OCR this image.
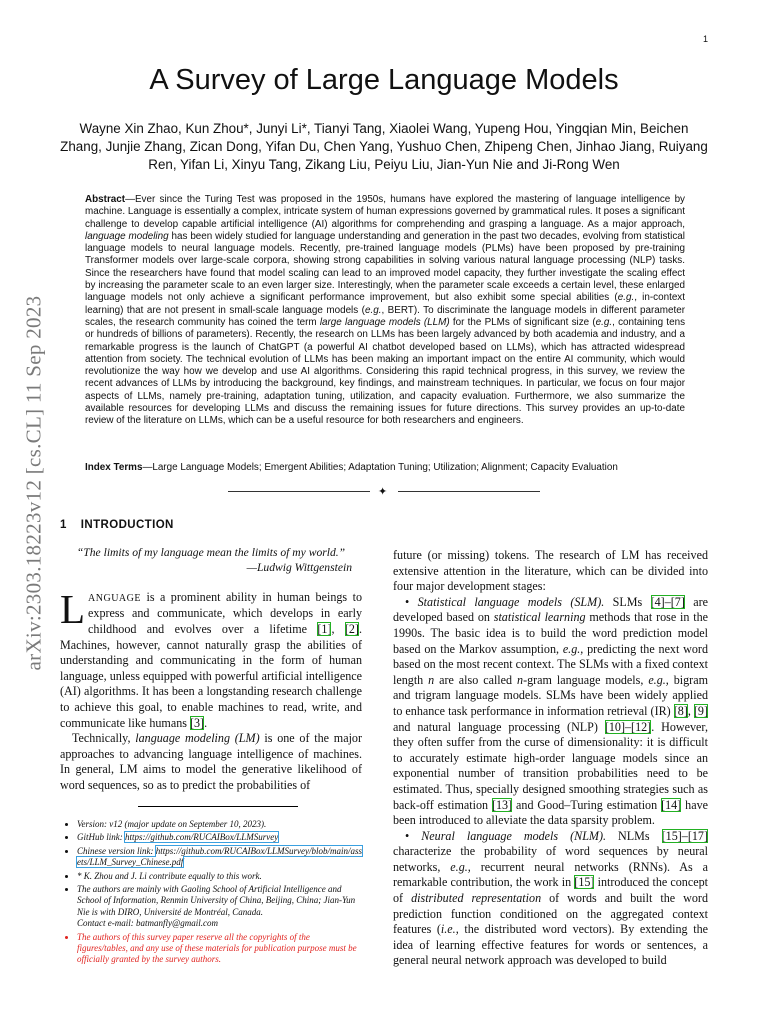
1
arXiv:2303.18223v12 [cs.CL] 11 Sep 2023
A Survey of Large Language Models
Wayne Xin Zhao, Kun Zhou*, Junyi Li*, Tianyi Tang, Xiaolei Wang, Yupeng Hou, Yingqian Min, Beichen Zhang, Junjie Zhang, Zican Dong, Yifan Du, Chen Yang, Yushuo Chen, Zhipeng Chen, Jinhao Jiang, Ruiyang Ren, Yifan Li, Xinyu Tang, Zikang Liu, Peiyu Liu, Jian-Yun Nie and Ji-Rong Wen
Abstract—Ever since the Turing Test was proposed in the 1950s, humans have explored the mastering of language intelligence by machine. Language is essentially a complex, intricate system of human expressions governed by grammatical rules. It poses a significant challenge to develop capable artificial intelligence (AI) algorithms for comprehending and grasping a language. As a major approach, language modeling has been widely studied for language understanding and generation in the past two decades, evolving from statistical language models to neural language models. Recently, pre-trained language models (PLMs) have been proposed by pre-training Transformer models over large-scale corpora, showing strong capabilities in solving various natural language processing (NLP) tasks. Since the researchers have found that model scaling can lead to an improved model capacity, they further investigate the scaling effect by increasing the parameter scale to an even larger size. Interestingly, when the parameter scale exceeds a certain level, these enlarged language models not only achieve a significant performance improvement, but also exhibit some special abilities (e.g., in-context learning) that are not present in small-scale language models (e.g., BERT). To discriminate the language models in different parameter scales, the research community has coined the term large language models (LLM) for the PLMs of significant size (e.g., containing tens or hundreds of billions of parameters). Recently, the research on LLMs has been largely advanced by both academia and industry, and a remarkable progress is the launch of ChatGPT (a powerful AI chatbot developed based on LLMs), which has attracted widespread attention from society. The technical evolution of LLMs has been making an important impact on the entire AI community, which would revolutionize the way how we develop and use AI algorithms. Considering this rapid technical progress, in this survey, we review the recent advances of LLMs by introducing the background, key findings, and mainstream techniques. In particular, we focus on four major aspects of LLMs, namely pre-training, adaptation tuning, utilization, and capacity evaluation. Furthermore, we also summarize the available resources for developing LLMs and discuss the remaining issues for future directions. This survey provides an up-to-date review of the literature on LLMs, which can be a useful resource for both researchers and engineers.
Index Terms—Large Language Models; Emergent Abilities; Adaptation Tuning; Utilization; Alignment; Capacity Evaluation
✦

1 INTRODUCTION

“The limits of my language mean the limits of my world.”

—Ludwig Wittgenstein

LANGUAGE is a prominent ability in human beings to express and communicate, which develops in early childhood and evolves over a lifetime [1], [2]. Machines, however, cannot naturally grasp the abilities of understanding and communicating in the form of human language, unless equipped with powerful artificial intelligence (AI) algorithms. It has been a longstanding research challenge to achieve this goal, to enable machines to read, write, and communicate like humans [3].

Technically, language modeling (LM) is one of the major approaches to advancing language intelligence of machines. In general, LM aims to model the generative likelihood of word sequences, so as to predict the probabilities of

• Version: v12 (major update on September 10, 2023).
• GitHub link: https://github.com/RUCAIBox/LLMSurvey
• Chinese version link: https://github.com/RUCAIBox/LLMSurvey/blob/main/assets/LLM_Survey_Chinese.pdf
• * K. Zhou and J. Li contribute equally to this work.
• The authors are mainly with Gaoling School of Artificial Intelligence and School of Information, Renmin University of China, Beijing, China; Jian-Yun Nie is with DIRO, Université de Montréal, Canada.
Contact e-mail: batmanfly@gmail.com
• The authors of this survey paper reserve all the copyrights of the figures/tables, and any use of these materials for publication purpose must be officially granted by the survey authors.

future (or missing) tokens. The research of LM has received extensive attention in the literature, which can be divided into four major development stages:

• Statistical language models (SLM). SLMs [4]–[7] are developed based on statistical learning methods that rose in the 1990s. The basic idea is to build the word prediction model based on the Markov assumption, e.g., predicting the next word based on the most recent context. The SLMs with a fixed context length n are also called n-gram language models, e.g., bigram and trigram language models. SLMs have been widely applied to enhance task performance in information retrieval (IR) [8], [9] and natural language processing (NLP) [10]–[12]. However, they often suffer from the curse of dimensionality: it is difficult to accurately estimate high-order language models since an exponential number of transition probabilities need to be estimated. Thus, specially designed smoothing strategies such as back-off estimation [13] and Good–Turing estimation [14] have been introduced to alleviate the data sparsity problem.

• Neural language models (NLM). NLMs [15]–[17] characterize the probability of word sequences by neural networks, e.g., recurrent neural networks (RNNs). As a remarkable contribution, the work in [15] introduced the concept of distributed representation of words and built the word prediction function conditioned on the aggregated context features (i.e., the distributed word vectors). By extending the idea of learning effective features for words or sentences, a general neural network approach was developed to build
